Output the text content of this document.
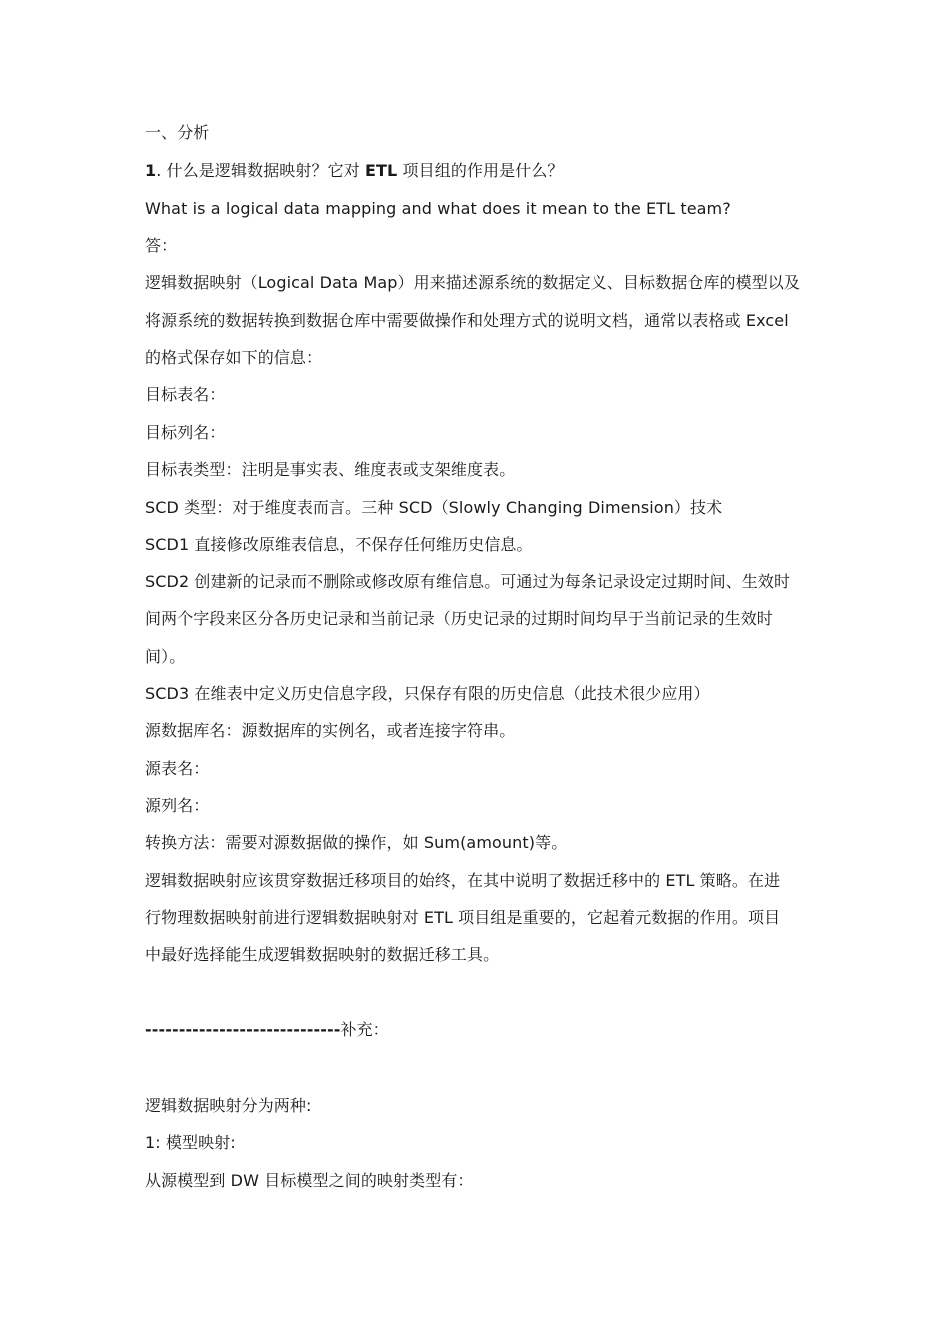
一、分析
1. 什么是逻辑数据映射？它对 ETL 项目组的作用是什么？
What is a logical data mapping and what does it mean to the ETL team?
答：
逻辑数据映射（Logical Data Map）用来描述源系统的数据定义、目标数据仓库的模型以及
将源系统的数据转换到数据仓库中需要做操作和处理方式的说明文档，通常以表格或 Excel
的格式保存如下的信息：
目标表名：
目标列名：
目标表类型：注明是事实表、维度表或支架维度表。
SCD 类型：对于维度表而言。三种 SCD（Slowly Changing Dimension）技术
SCD1 直接修改原维表信息，不保存任何维历史信息。
SCD2 创建新的记录而不删除或修改原有维信息。可通过为每条记录设定过期时间、生效时
间两个字段来区分各历史记录和当前记录（历史记录的过期时间均早于当前记录的生效时
间）。
SCD3 在维表中定义历史信息字段，只保存有限的历史信息（此技术很少应用）
源数据库名：源数据库的实例名，或者连接字符串。
源表名：
源列名：
转换方法：需要对源数据做的操作，如 Sum(amount)等。
逻辑数据映射应该贯穿数据迁移项目的始终，在其中说明了数据迁移中的 ETL 策略。在进
行物理数据映射前进行逻辑数据映射对 ETL 项目组是重要的，它起着元数据的作用。项目
中最好选择能生成逻辑数据映射的数据迁移工具。
-----------------------------补充：
逻辑数据映射分为两种:
1: 模型映射:
从源模型到 DW 目标模型之间的映射类型有：
